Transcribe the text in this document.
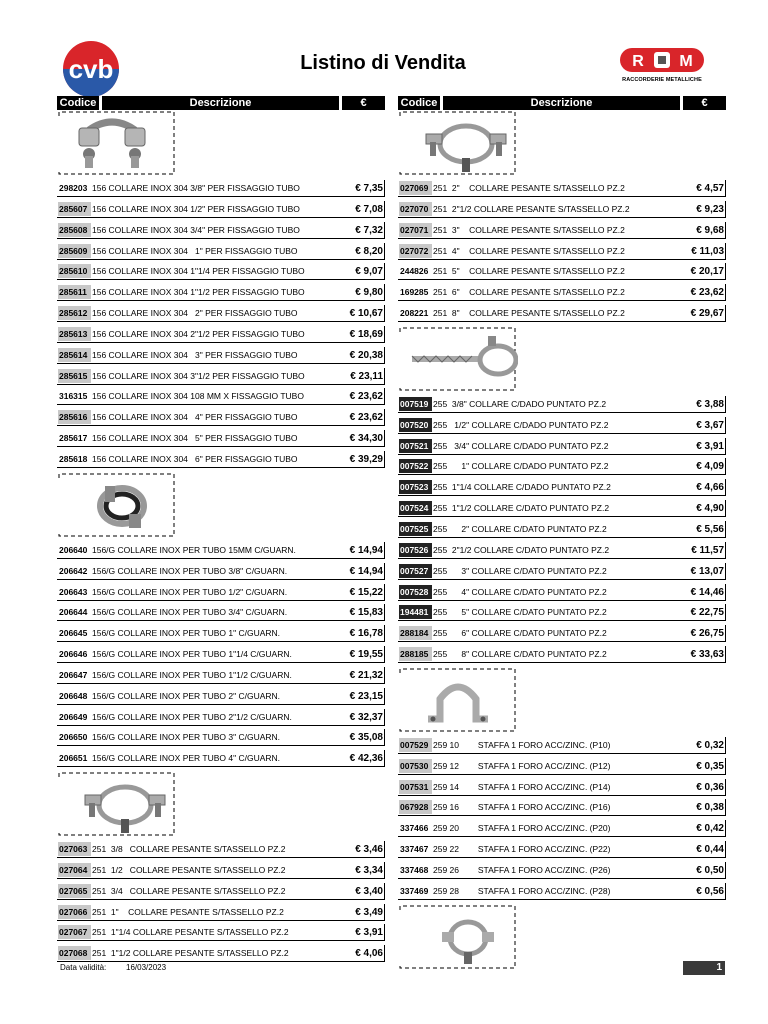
cvb	R M
RACCORDERIE METALLICHE
Listino di Vendita
Codice	Descrizione	€
298203 156 COLLARE INOX 304 3/8" PER FISSAGGIO TUBO	€ 7,35
285607 156 COLLARE INOX 304 1/2" PER FISSAGGIO TUBO	€ 7,08
285608 156 COLLARE INOX 304 3/4" PER FISSAGGIO TUBO	€ 7,32
285609 156 COLLARE INOX 304   1" PER FISSAGGIO TUBO	€ 8,20
285610 156 COLLARE INOX 304 1"1/4 PER FISSAGGIO TUBO	€ 9,07
285611 156 COLLARE INOX 304 1"1/2 PER FISSAGGIO TUBO	€ 9,80
285612 156 COLLARE INOX 304   2" PER FISSAGGIO TUBO	€ 10,67
285613 156 COLLARE INOX 304 2"1/2 PER FISSAGGIO TUBO	€ 18,69
285614 156 COLLARE INOX 304   3" PER FISSAGGIO TUBO	€ 20,38
285615 156 COLLARE INOX 304 3"1/2 PER FISSAGGIO TUBO	€ 23,11
316315 156 COLLARE INOX 304 108 MM X FISSAGGIO TUBO	€ 23,62
285616 156 COLLARE INOX 304   4" PER FISSAGGIO TUBO	€ 23,62
285617 156 COLLARE INOX 304   5" PER FISSAGGIO TUBO	€ 34,30
285618 156 COLLARE INOX 304   6" PER FISSAGGIO TUBO	€ 39,29
206640 156/G COLLARE INOX PER TUBO 15MM C/GUARN.	€ 14,94
206642 156/G COLLARE INOX PER TUBO 3/8" C/GUARN.	€ 14,94
206643 156/G COLLARE INOX PER TUBO 1/2" C/GUARN.	€ 15,22
206644 156/G COLLARE INOX PER TUBO 3/4" C/GUARN.	€ 15,83
206645 156/G COLLARE INOX PER TUBO 1" C/GUARN.	€ 16,78
206646 156/G COLLARE INOX PER TUBO 1"1/4 C/GUARN.	€ 19,55
206647 156/G COLLARE INOX PER TUBO 1"1/2 C/GUARN.	€ 21,32
206648 156/G COLLARE INOX PER TUBO 2" C/GUARN.	€ 23,15
206649 156/G COLLARE INOX PER TUBO 2"1/2 C/GUARN.	€ 32,37
206650 156/G COLLARE INOX PER TUBO 3" C/GUARN.	€ 35,08
206651 156/G COLLARE INOX PER TUBO 4" C/GUARN.	€ 42,36
027063 251  3/8   COLLARE PESANTE S/TASSELLO PZ.2	€ 3,46
027064 251  1/2   COLLARE PESANTE S/TASSELLO PZ.2	€ 3,34
027065 251  3/4   COLLARE PESANTE S/TASSELLO PZ.2	€ 3,40
027066 251  1"    COLLARE PESANTE S/TASSELLO PZ.2	€ 3,49
027067 251  1"1/4 COLLARE PESANTE S/TASSELLO PZ.2	€ 3,91
027068 251  1"1/2 COLLARE PESANTE S/TASSELLO PZ.2	€ 4,06
Codice	Descrizione	€
027069 251  2"    COLLARE PESANTE S/TASSELLO PZ.2	€ 4,57
027070 251  2"1/2 COLLARE PESANTE S/TASSELLO PZ.2	€ 9,23
027071 251  3"    COLLARE PESANTE S/TASSELLO PZ.2	€ 9,68
027072 251  4"    COLLARE PESANTE S/TASSELLO PZ.2	€ 11,03
244826 251  5"    COLLARE PESANTE S/TASSELLO PZ.2	€ 20,17
169285 251  6"    COLLARE PESANTE S/TASSELLO PZ.2	€ 23,62
208221 251  8"    COLLARE PESANTE S/TASSELLO PZ.2	€ 29,67
007519 255  3/8" COLLARE C/DADO PUNTATO PZ.2	€ 3,88
007520 255   1/2" COLLARE C/DADO PUNTATO PZ.2	€ 3,67
007521 255   3/4" COLLARE C/DADO PUNTATO PZ.2	€ 3,91
007522 255      1" COLLARE C/DADO PUNTATO PZ.2	€ 4,09
007523 255  1"1/4 COLLARE C/DADO PUNTATO PZ.2	€ 4,66
007524 255  1"1/2 COLLARE C/DATO PUNTATO PZ.2	€ 4,90
007525 255      2" COLLARE C/DATO PUNTATO PZ.2	€ 5,56
007526 255  2"1/2 COLLARE C/DATO PUNTATO PZ.2	€ 11,57
007527 255      3" COLLARE C/DATO PUNTATO PZ.2	€ 13,07
007528 255      4" COLLARE C/DATO PUNTATO PZ.2	€ 14,46
194481 255      5" COLLARE C/DATO PUNTATO PZ.2	€ 22,75
288184 255      6" COLLARE C/DATO PUNTATO PZ.2	€ 26,75
288185 255      8" COLLARE C/DATO PUNTATO PZ.2	€ 33,63
007529 259 10        STAFFA 1 FORO ACC/ZINC. (P10)	€ 0,32
007530 259 12        STAFFA 1 FORO ACC/ZINC. (P12)	€ 0,35
007531 259 14        STAFFA 1 FORO ACC/ZINC. (P14)	€ 0,36
067928 259 16        STAFFA 1 FORO ACC/ZINC. (P16)	€ 0,38
337466 259 20        STAFFA 1 FORO ACC/ZINC. (P20)	€ 0,42
337467 259 22        STAFFA 1 FORO ACC/ZINC. (P22)	€ 0,44
337468 259 26        STAFFA 1 FORO ACC/ZINC. (P26)	€ 0,50
337469 259 28        STAFFA 1 FORO ACC/ZINC. (P28)	€ 0,56
Data validità: 16/03/2023	1
